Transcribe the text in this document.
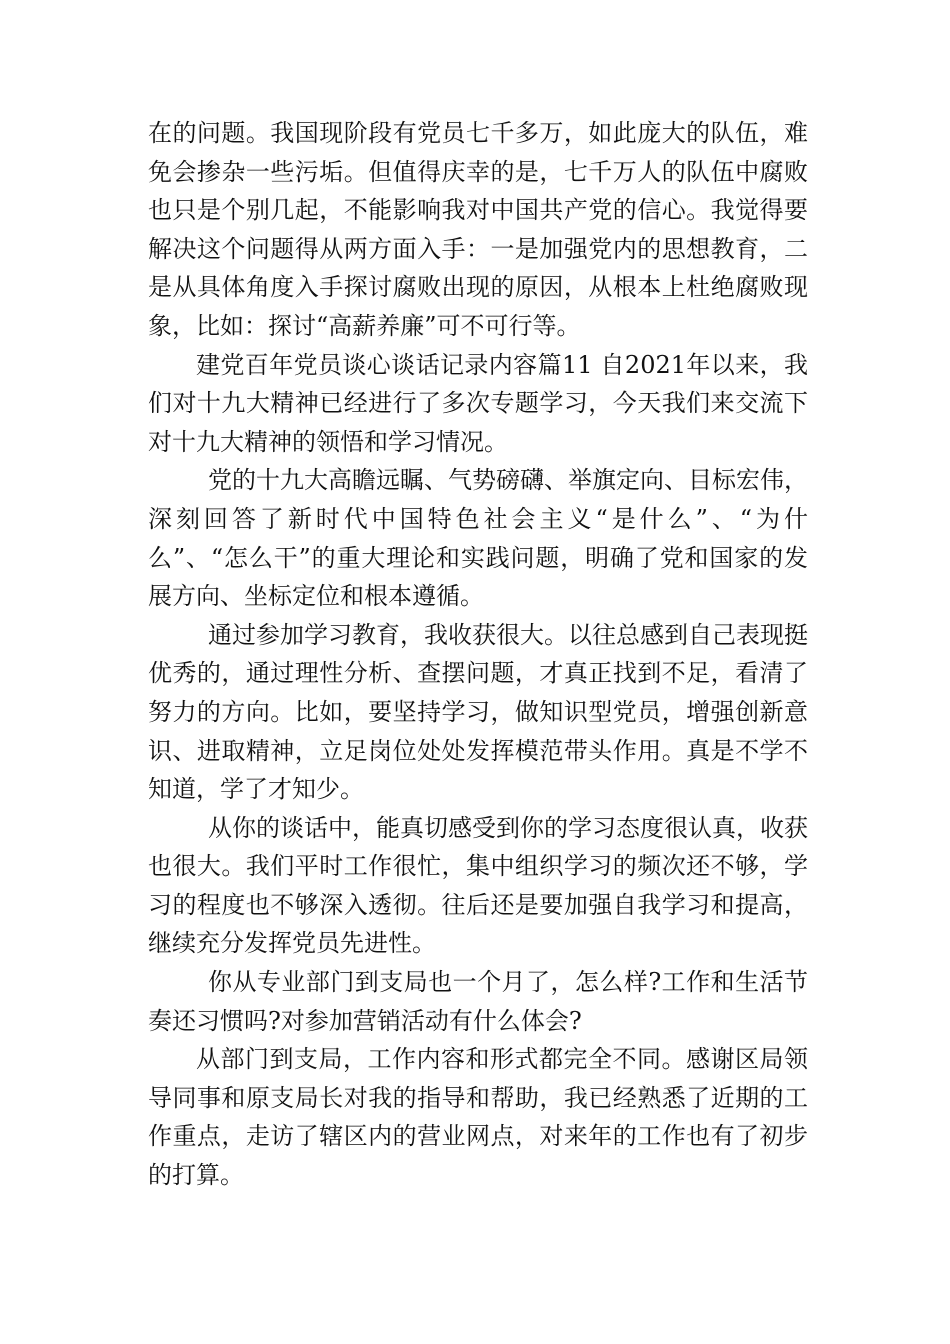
在的问题。我国现阶段有党员七千多万，如此庞大的队伍，难免会掺杂一些污垢。但值得庆幸的是，七千万人的队伍中腐败也只是个别几起，不能影响我对中国共产党的信心。我觉得要解决这个问题得从两方面入手：一是加强党内的思想教育，二是从具体角度入手探讨腐败出现的原因，从根本上杜绝腐败现象，比如：探讨“高薪养廉”可不可行等。

建党百年党员谈心谈话记录内容篇11 自2021年以来，我们对十九大精神已经进行了多次专题学习，今天我们来交流下对十九大精神的领悟和学习情况。

党的十九大高瞻远瞩、气势磅礴、举旗定向、目标宏伟，深刻回答了新时代中国特色社会主义“是什么”、“为什么”、“怎么干”的重大理论和实践问题，明确了党和国家的发展方向、坐标定位和根本遵循。

通过参加学习教育，我收获很大。以往总感到自己表现挺优秀的，通过理性分析、查摆问题，才真正找到不足，看清了努力的方向。比如，要坚持学习，做知识型党员，增强创新意识、进取精神，立足岗位处处发挥模范带头作用。真是不学不知道，学了才知少。

从你的谈话中，能真切感受到你的学习态度很认真，收获也很大。我们平时工作很忙，集中组织学习的频次还不够，学习的程度也不够深入透彻。往后还是要加强自我学习和提高，继续充分发挥党员先进性。

你从专业部门到支局也一个月了，怎么样?工作和生活节奏还习惯吗?对参加营销活动有什么体会?

从部门到支局，工作内容和形式都完全不同。感谢区局领导同事和原支局长对我的指导和帮助，我已经熟悉了近期的工作重点，走访了辖区内的营业网点，对来年的工作也有了初步的打算。
